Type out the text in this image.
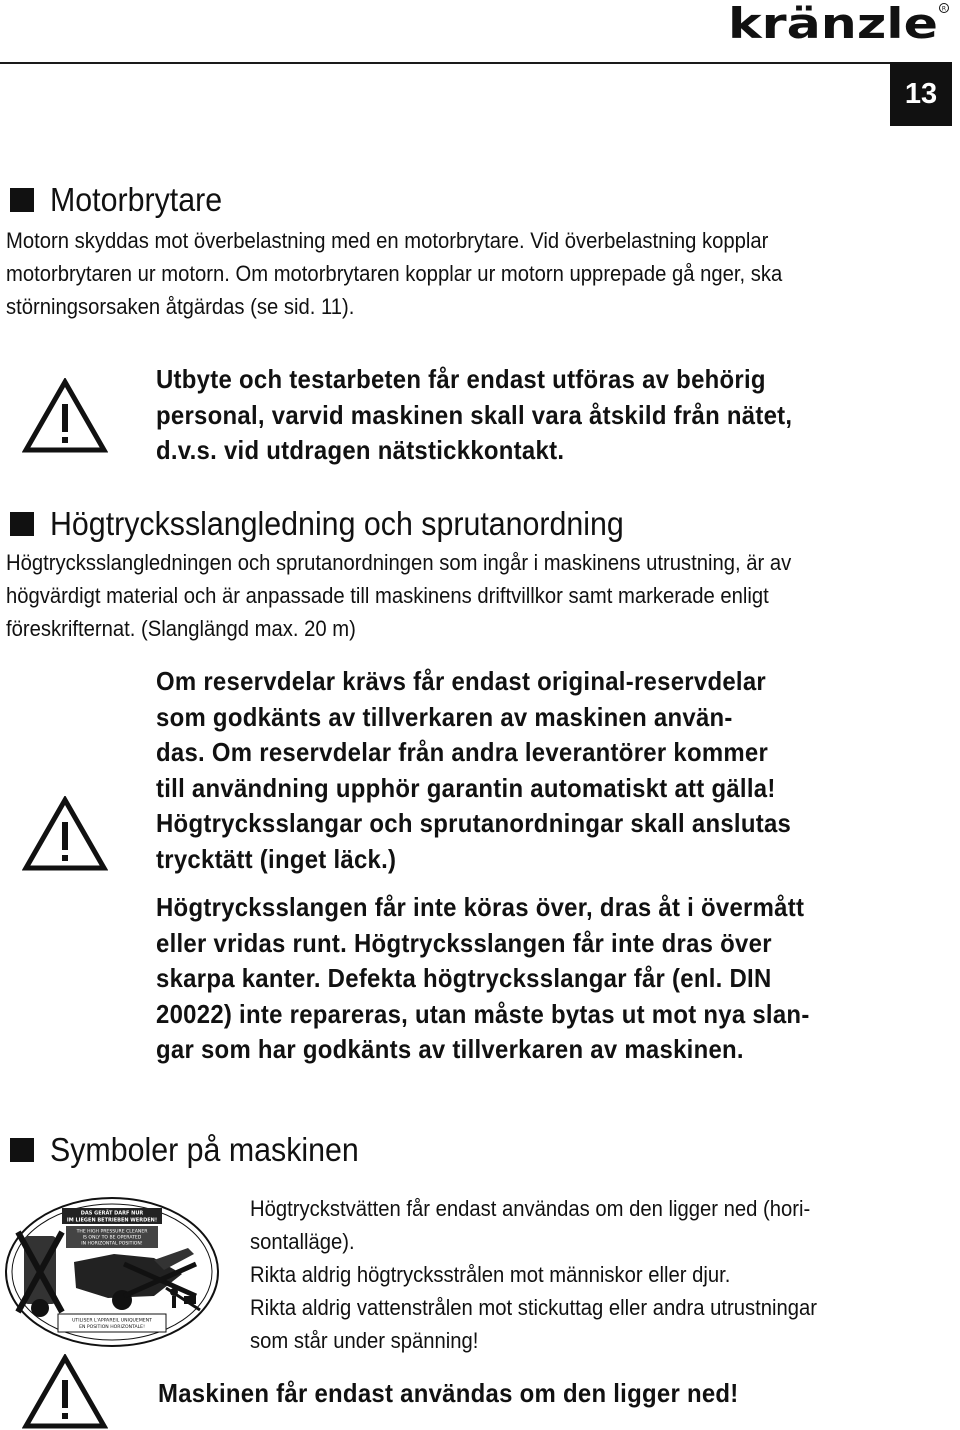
kränzle R
13
Motorbrytare

Motorn skyddas mot överbelastning med en motorbrytare. Vid överbelastning kopplar

motorbrytaren ur motorn. Om motorbrytaren kopplar ur motorn upprepade gå nger, ska

störningsorsaken åtgärdas (se sid. 11).

Utbyte och testarbeten får endast utföras av behörig

personal, varvid maskinen skall vara åtskild från nätet,

d.v.s. vid utdragen nätstickkontakt.

Högtrycksslangledning och sprutanordning

Högtrycksslangledningen och sprutanordningen som ingår i maskinens utrustning, är av

högvärdigt material och är anpassade till maskinens driftvillkor samt markerade enligt

föreskrifternat. (Slanglängd max. 20 m)

Om reservdelar krävs får endast original-reservdelar

som godkänts av tillverkaren av maskinen använ-

das. Om reservdelar från andra leverantörer kommer

till användning upphör garantin automatiskt att gälla!

Högtrycksslangar och sprutanordningar skall anslutas

trycktätt (inget läck.)

Högtrycksslangen får inte köras över, dras åt i övermått

eller vridas runt. Högtrycksslangen får inte dras över

skarpa kanter. Defekta högtrycksslangar får (enl. DIN

20022) inte repareras, utan måste bytas ut mot nya slan-

gar som har godkänts av tillverkaren av maskinen.

Symboler på maskinen
DAS GERÄT DARF NUR
IM LIEGEN BETRIEBEN WERDEN!
THE HIGH PRESSURE CLEANER
IS ONLY TO BE OPERATED
IN HORIZONTAL POSITION!
UTILISER L'APPAREIL UNIQUEMENT
EN POSITION HORIZONTALE!

Högtryckstvätten får endast användas om den ligger ned (hori-

sontalläge).

Rikta aldrig högtrycksstrålen mot människor eller djur.

Rikta aldrig vattenstrålen mot stickuttag eller andra utrustningar

som står under spänning!

Maskinen får endast användas om den ligger ned!
